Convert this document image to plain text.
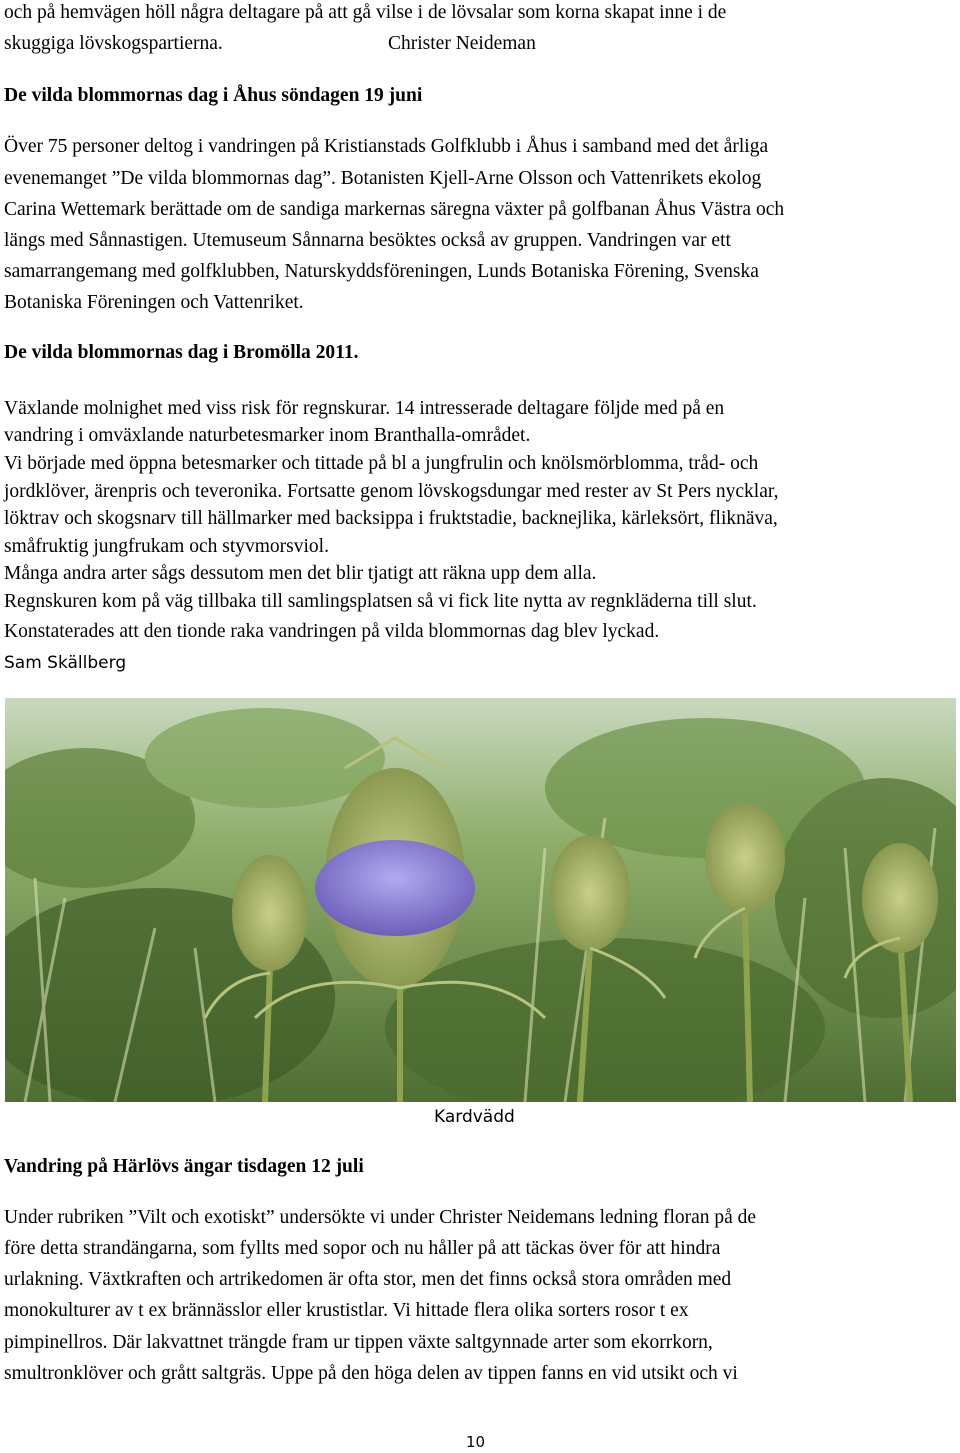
och på hemvägen höll några deltagare på att gå vilse i de lövsalar som korna skapat inne i de

skuggiga lövskogspartierna.	Christer Neideman

De vilda blommornas dag i Åhus söndagen 19 juni

Över 75 personer deltog i vandringen på Kristianstads Golfklubb i Åhus i samband med det årliga

evenemanget ”De vilda blommornas dag”. Botanisten Kjell-Arne Olsson och Vattenrikets ekolog

Carina Wettemark berättade om de sandiga markernas säregna växter på golfbanan Åhus Västra och

längs med Sånnastigen. Utemuseum Sånnarna besöktes också av gruppen. Vandringen var ett

samarrangemang med golfklubben, Naturskyddsföreningen, Lunds Botaniska Förening, Svenska

Botaniska Föreningen och Vattenriket.

De vilda blommornas dag i Bromölla 2011.

Växlande molnighet med viss risk för regnskurar. 14 intresserade deltagare följde med på en

vandring i omväxlande naturbetesmarker inom Branthalla-området.

Vi började med öppna betesmarker och tittade på bl a jungfrulin och knölsmörblomma, tråd- och

jordklöver, ärenpris och teveronika. Fortsatte genom lövskogsdungar med rester av St Pers nycklar,

löktrav och skogsnarv till hällmarker med backsippa i fruktstadie, backnejlika, kärleksört, fliknäva,

småfruktig jungfrukam och styvmorsviol.

Många andra arter sågs dessutom men det blir tjatigt att räkna upp dem alla.

Regnskuren kom på väg tillbaka till samlingsplatsen så vi fick lite nytta av regnkläderna till slut.

Konstaterades att den tionde raka vandringen på vilda blommornas dag blev lyckad.

Sam Skällberg

Kardvädd

Vandring på Härlövs ängar tisdagen 12 juli

Under rubriken ”Vilt och exotiskt” undersökte vi under Christer Neidemans ledning floran på de

före detta strandängarna, som fyllts med sopor och nu håller på att täckas över för att hindra

urlakning. Växtkraften och artrikedomen är ofta stor, men det finns också stora områden med

monokulturer av t ex brännässlor eller krustistlar. Vi hittade flera olika sorters rosor t ex

pimpinellros. Där lakvattnet trängde fram ur tippen växte saltgynnade arter som ekorrkorn,

smultronklöver och grått saltgräs. Uppe på den höga delen av tippen fanns en vid utsikt och vi

10
